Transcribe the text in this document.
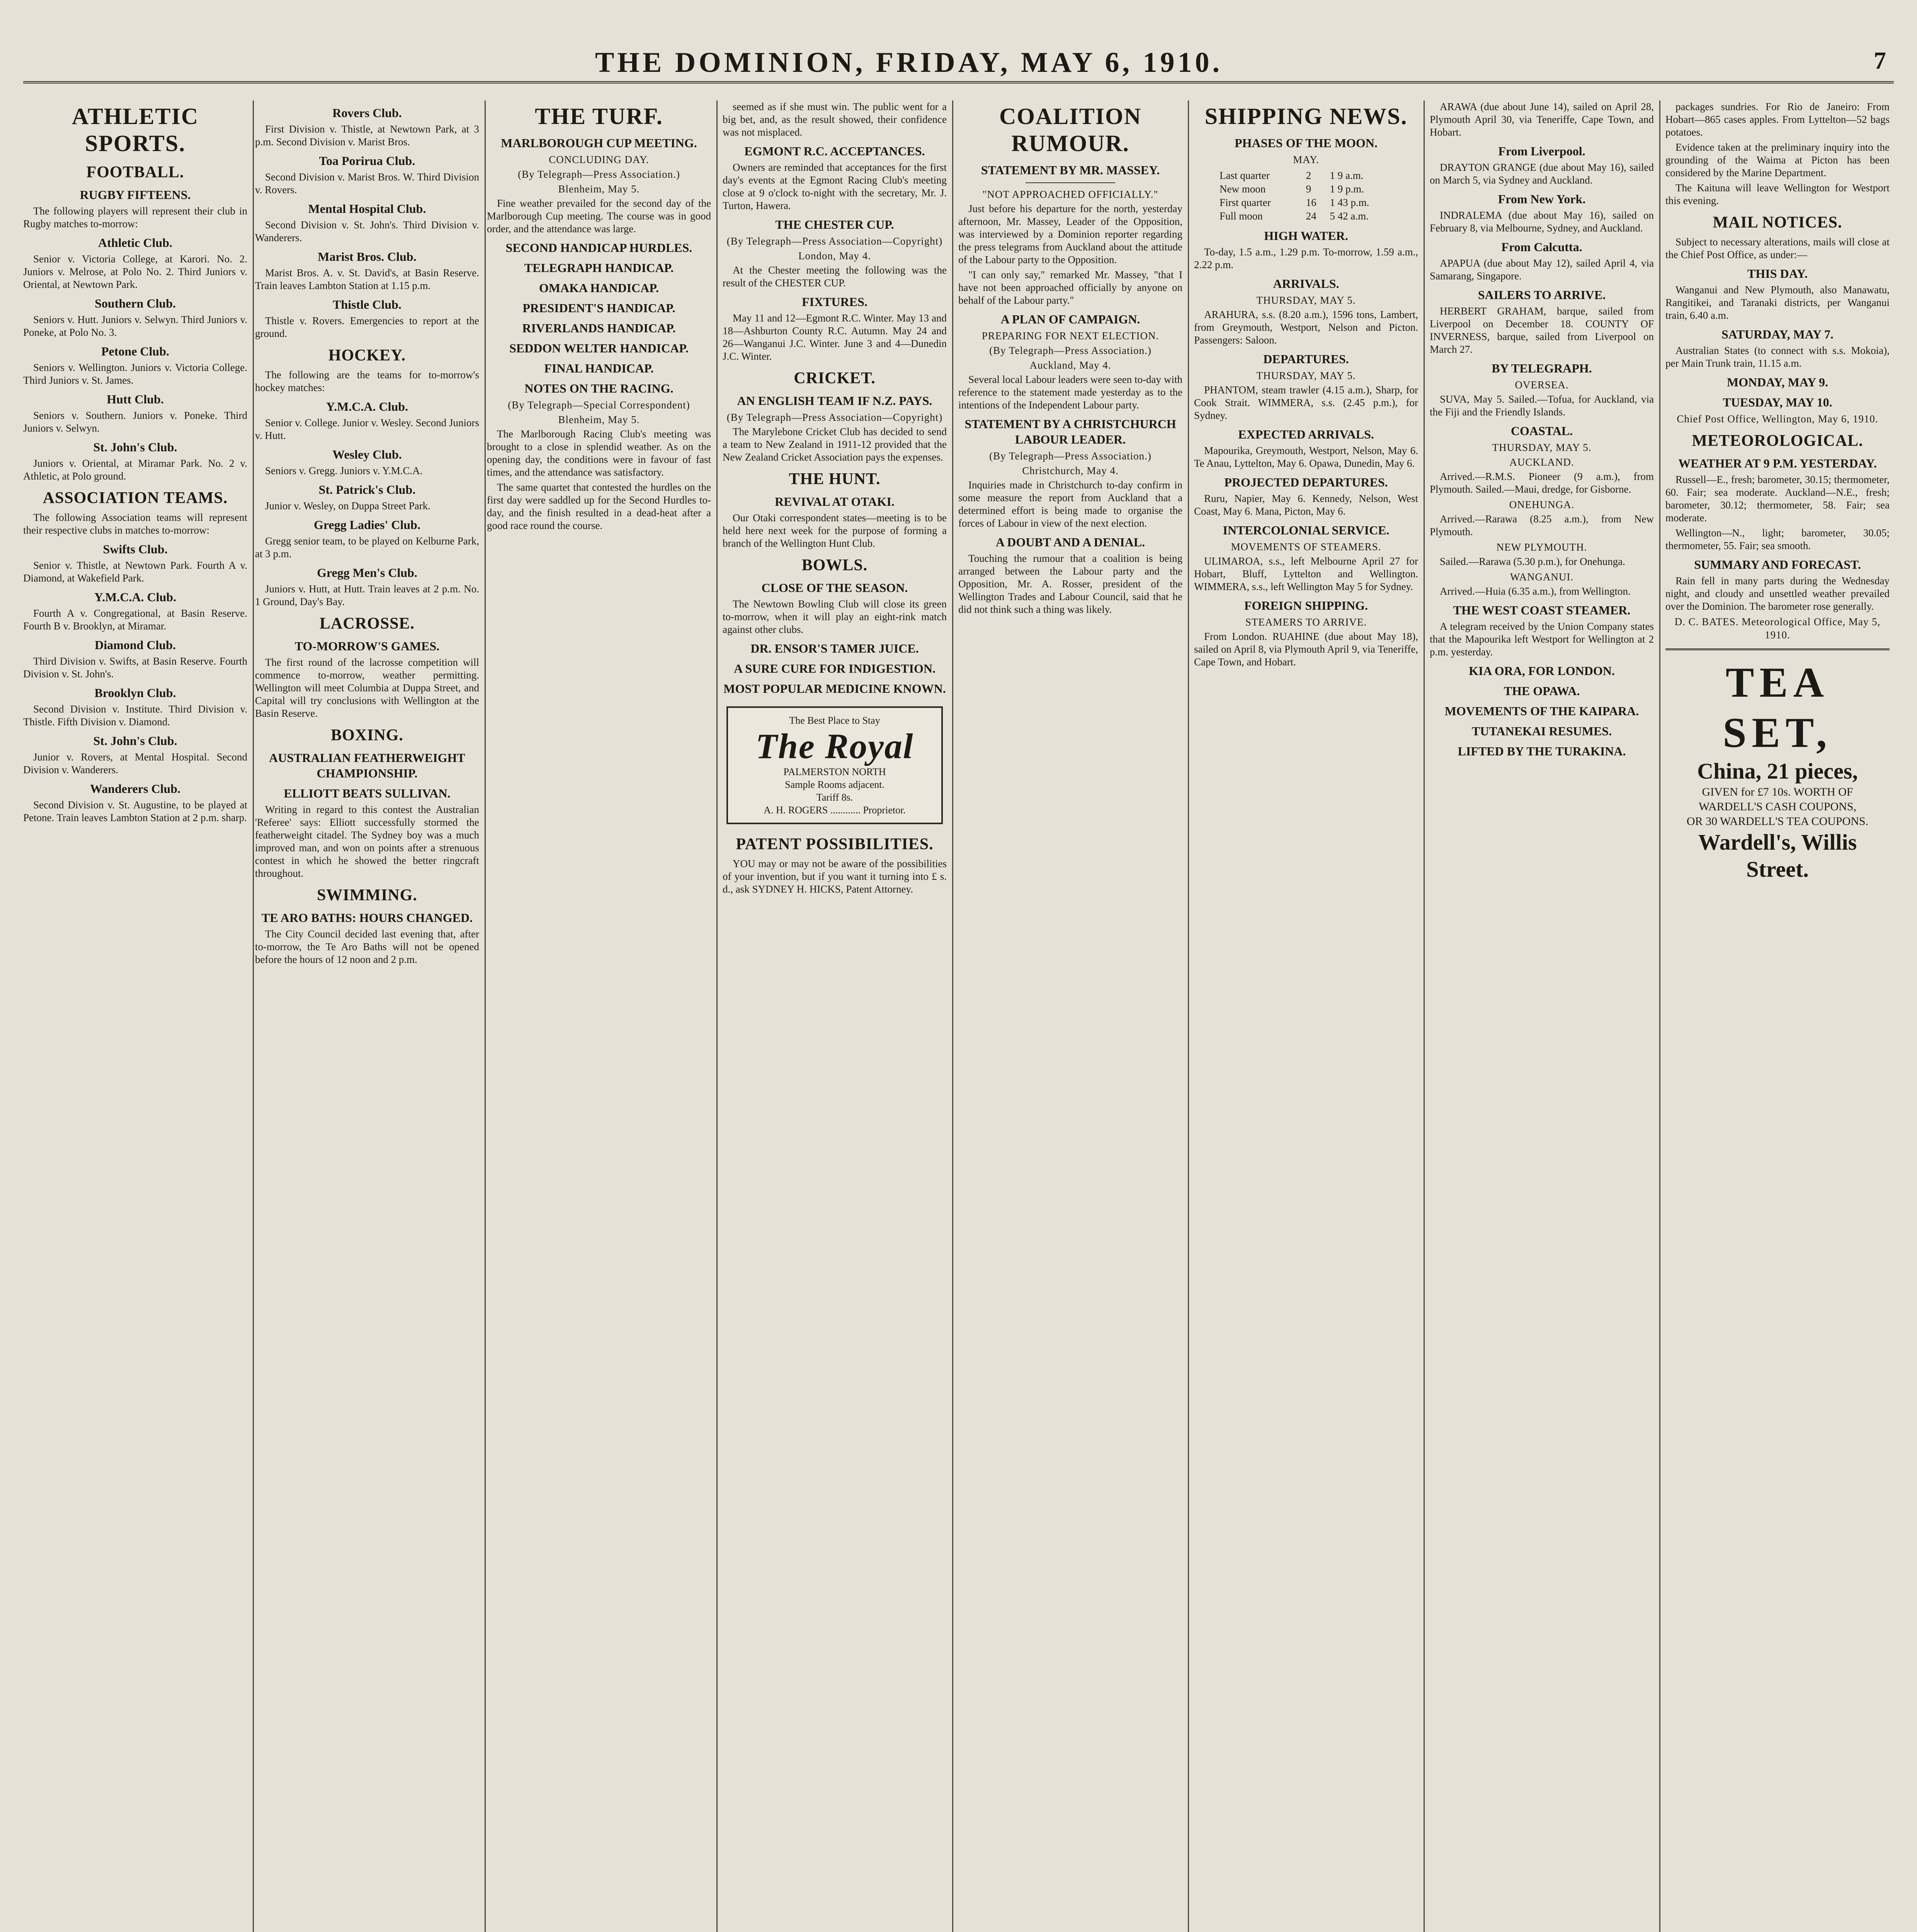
THE DOMINION, FRIDAY, MAY 6, 1910.	7
ATHLETIC SPORTS.
FOOTBALL.
RUGBY FIFTEENS.

The following players will represent their club in Rugby matches to-morrow:

Athletic Club.

Senior v. Victoria College, at Karori. No. 2. Juniors v. Melrose, at Polo No. 2. Third Juniors v. Oriental, at Newtown Park.

Southern Club.

Seniors v. Hutt. Juniors v. Selwyn. Third Juniors v. Poneke, at Polo No. 3.

Petone Club.

Seniors v. Wellington. Juniors v. Victoria College. Third Juniors v. St. James.

Hutt Club.

Seniors v. Southern. Juniors v. Poneke. Third Juniors v. Selwyn.

St. John's Club.

Juniors v. Oriental, at Miramar Park. No. 2 v. Athletic, at Polo ground.

ASSOCIATION TEAMS.

The following Association teams will represent their respective clubs in matches to-morrow:

Swifts Club.

Senior v. Thistle, at Newtown Park. Fourth A v. Diamond, at Wakefield Park.

Y.M.C.A. Club.

Fourth A v. Congregational, at Basin Reserve. Fourth B v. Brooklyn, at Miramar.

Diamond Club.

Third Division v. Swifts, at Basin Reserve. Fourth Division v. St. John's.

Brooklyn Club.

Second Division v. Institute. Third Division v. Thistle. Fifth Division v. Diamond.

St. John's Club.

Junior v. Rovers, at Mental Hospital. Second Division v. Wanderers.

Wanderers Club.

Second Division v. St. Augustine, to be played at Petone. Train leaves Lambton Station at 2 p.m. sharp.

Rovers Club.

First Division v. Thistle, at Newtown Park, at 3 p.m. Second Division v. Marist Bros.

Toa Porirua Club.

Second Division v. Marist Bros. W. Third Division v. Rovers.

Mental Hospital Club.

Second Division v. St. John's. Third Division v. Wanderers.

Marist Bros. Club.

Marist Bros. A. v. St. David's, at Basin Reserve. Train leaves Lambton Station at 1.15 p.m.

Thistle Club.

Thistle v. Rovers. Emergencies to report at the ground.

HOCKEY.

The following are the teams for to-morrow's hockey matches:

Y.M.C.A. Club.

Senior v. College. Junior v. Wesley. Second Juniors v. Hutt.

Wesley Club.

Seniors v. Gregg. Juniors v. Y.M.C.A.

St. Patrick's Club.

Junior v. Wesley, on Duppa Street Park.

Gregg Ladies' Club.

Gregg senior team, to be played on Kelburne Park, at 3 p.m.

Gregg Men's Club.

Juniors v. Hutt, at Hutt. Train leaves at 2 p.m. No. 1 Ground, Day's Bay.

LACROSSE.
TO-MORROW'S GAMES.

The first round of the lacrosse competition will commence to-morrow, weather permitting. Wellington will meet Columbia at Duppa Street, and Capital will try conclusions with Wellington at the Basin Reserve.

BOXING.
AUSTRALIAN FEATHERWEIGHT CHAMPIONSHIP.
ELLIOTT BEATS SULLIVAN.

Writing in regard to this contest the Australian 'Referee' says: Elliott successfully stormed the featherweight citadel. The Sydney boy was a much improved man, and won on points after a strenuous contest in which he showed the better ringcraft throughout.

SWIMMING.
TE ARO BATHS: HOURS CHANGED.

The City Council decided last evening that, after to-morrow, the Te Aro Baths will not be opened before the hours of 12 noon and 2 p.m.

THE TURF.
MARLBOROUGH CUP MEETING.
CONCLUDING DAY.
(By Telegraph—Press Association.)
Blenheim, May 5.

Fine weather prevailed for the second day of the Marlborough Cup meeting. The course was in good order, and the attendance was large.

SECOND HANDICAP HURDLES.
TELEGRAPH HANDICAP.
OMAKA HANDICAP.
PRESIDENT'S HANDICAP.
RIVERLANDS HANDICAP.
SEDDON WELTER HANDICAP.
FINAL HANDICAP.
NOTES ON THE RACING.
(By Telegraph—Special Correspondent)
Blenheim, May 5.

The Marlborough Racing Club's meeting was brought to a close in splendid weather. As on the opening day, the conditions were in favour of fast times, and the attendance was satisfactory.

The same quartet that contested the hurdles on the first day were saddled up for the Second Hurdles to-day, and the finish resulted in a dead-heat after a good race round the course.

seemed as if she must win. The public went for a big bet, and, as the result showed, their confidence was not misplaced.

EGMONT R.C. ACCEPTANCES.

Owners are reminded that acceptances for the first day's events at the Egmont Racing Club's meeting close at 9 o'clock to-night with the secretary, Mr. J. Turton, Hawera.

THE CHESTER CUP.
(By Telegraph—Press Association—Copyright)
London, May 4.

At the Chester meeting the following was the result of the CHESTER CUP.

FIXTURES.

May 11 and 12—Egmont R.C. Winter. May 13 and 18—Ashburton County R.C. Autumn. May 24 and 26—Wanganui J.C. Winter. June 3 and 4—Dunedin J.C. Winter.

CRICKET.
AN ENGLISH TEAM IF N.Z. PAYS.
(By Telegraph—Press Association—Copyright)

The Marylebone Cricket Club has decided to send a team to New Zealand in 1911-12 provided that the New Zealand Cricket Association pays the expenses.

THE HUNT.
REVIVAL AT OTAKI.

Our Otaki correspondent states—meeting is to be held here next week for the purpose of forming a branch of the Wellington Hunt Club.

BOWLS.
CLOSE OF THE SEASON.

The Newtown Bowling Club will close its green to-morrow, when it will play an eight-rink match against other clubs.

DR. ENSOR'S TAMER JUICE.
A SURE CURE FOR INDIGESTION.
MOST POPULAR MEDICINE KNOWN.
The Best Place to Stay
The Royal
PALMERSTON NORTH
Sample Rooms adjacent.
Tariff 8s.
A. H. ROGERS ............ Proprietor.
PATENT POSSIBILITIES.

YOU may or may not be aware of the possibilities of your invention, but if you want it turning into £ s. d., ask SYDNEY H. HICKS, Patent Attorney.

COALITION RUMOUR.
STATEMENT BY MR. MASSEY.
"NOT APPROACHED OFFICIALLY."

Just before his departure for the north, yesterday afternoon, Mr. Massey, Leader of the Opposition, was interviewed by a Dominion reporter regarding the press telegrams from Auckland about the attitude of the Labour party to the Opposition.

"I can only say," remarked Mr. Massey, "that I have not been approached officially by anyone on behalf of the Labour party."

A PLAN OF CAMPAIGN.
PREPARING FOR NEXT ELECTION.
(By Telegraph—Press Association.)
Auckland, May 4.

Several local Labour leaders were seen to-day with reference to the statement made yesterday as to the intentions of the Independent Labour party.

STATEMENT BY A CHRISTCHURCH LABOUR LEADER.
(By Telegraph—Press Association.)
Christchurch, May 4.

Inquiries made in Christchurch to-day confirm in some measure the report from Auckland that a determined effort is being made to organise the forces of Labour in view of the next election.

A DOUBT AND A DENIAL.

Touching the rumour that a coalition is being arranged between the Labour party and the Opposition, Mr. A. Rosser, president of the Wellington Trades and Labour Council, said that he did not think such a thing was likely.

SHIPPING NEWS.
PHASES OF THE MOON.
MAY.
Last quarter	2	1 9 a.m.
New moon	9	1 9 p.m.
First quarter	16	1 43 p.m.
Full moon	24	5 42 a.m.
HIGH WATER.

To-day, 1.5 a.m., 1.29 p.m. To-morrow, 1.59 a.m., 2.22 p.m.

ARRIVALS.
THURSDAY, MAY 5.

ARAHURA, s.s. (8.20 a.m.), 1596 tons, Lambert, from Greymouth, Westport, Nelson and Picton. Passengers: Saloon.

DEPARTURES.
THURSDAY, MAY 5.

PHANTOM, steam trawler (4.15 a.m.), Sharp, for Cook Strait. WIMMERA, s.s. (2.45 p.m.), for Sydney.

EXPECTED ARRIVALS.

Mapourika, Greymouth, Westport, Nelson, May 6. Te Anau, Lyttelton, May 6. Opawa, Dunedin, May 6.

PROJECTED DEPARTURES.

Ruru, Napier, May 6. Kennedy, Nelson, West Coast, May 6. Mana, Picton, May 6.

INTERCOLONIAL SERVICE.
MOVEMENTS OF STEAMERS.

ULIMAROA, s.s., left Melbourne April 27 for Hobart, Bluff, Lyttelton and Wellington. WIMMERA, s.s., left Wellington May 5 for Sydney.

FOREIGN SHIPPING.
STEAMERS TO ARRIVE.

From London. RUAHINE (due about May 18), sailed on April 8, via Plymouth April 9, via Teneriffe, Cape Town, and Hobart.

ARAWA (due about June 14), sailed on April 28, Plymouth April 30, via Teneriffe, Cape Town, and Hobart.

From Liverpool.

DRAYTON GRANGE (due about May 16), sailed on March 5, via Sydney and Auckland.

From New York.

INDRALEMA (due about May 16), sailed on February 8, via Melbourne, Sydney, and Auckland.

From Calcutta.

APAPUA (due about May 12), sailed April 4, via Samarang, Singapore.

SAILERS TO ARRIVE.

HERBERT GRAHAM, barque, sailed from Liverpool on December 18. COUNTY OF INVERNESS, barque, sailed from Liverpool on March 27.

BY TELEGRAPH.
OVERSEA.

SUVA, May 5. Sailed.—Tofua, for Auckland, via the Fiji and the Friendly Islands.

COASTAL.
THURSDAY, MAY 5.
AUCKLAND.

Arrived.—R.M.S. Pioneer (9 a.m.), from Plymouth. Sailed.—Maui, dredge, for Gisborne.

ONEHUNGA.

Arrived.—Rarawa (8.25 a.m.), from New Plymouth.

NEW PLYMOUTH.

Sailed.—Rarawa (5.30 p.m.), for Onehunga.

WANGANUI.

Arrived.—Huia (6.35 a.m.), from Wellington.

THE WEST COAST STEAMER.

A telegram received by the Union Company states that the Mapourika left Westport for Wellington at 2 p.m. yesterday.

KIA ORA, FOR LONDON.
THE OPAWA.
MOVEMENTS OF THE KAIPARA.
TUTANEKAI RESUMES.
LIFTED BY THE TURAKINA.

packages sundries. For Rio de Janeiro: From Hobart—865 cases apples. From Lyttelton—52 bags potatoes.

Evidence taken at the preliminary inquiry into the grounding of the Waima at Picton has been considered by the Marine Department.

The Kaituna will leave Wellington for Westport this evening.

MAIL NOTICES.

Subject to necessary alterations, mails will close at the Chief Post Office, as under:—

THIS DAY.

Wanganui and New Plymouth, also Manawatu, Rangitikei, and Taranaki districts, per Wanganui train, 6.40 a.m.

SATURDAY, MAY 7.

Australian States (to connect with s.s. Mokoia), per Main Trunk train, 11.15 a.m.

MONDAY, MAY 9.
TUESDAY, MAY 10.
Chief Post Office, Wellington, May 6, 1910.
METEOROLOGICAL.
WEATHER AT 9 P.M. YESTERDAY.

Russell—E., fresh; barometer, 30.15; thermometer, 60. Fair; sea moderate. Auckland—N.E., fresh; barometer, 30.12; thermometer, 58. Fair; sea moderate.

Wellington—N., light; barometer, 30.05; thermometer, 55. Fair; sea smooth.

SUMMARY AND FORECAST.

Rain fell in many parts during the Wednesday night, and cloudy and unsettled weather prevailed over the Dominion. The barometer rose generally.

D. C. BATES. Meteorological Office, May 5, 1910.
TEA SET,
China, 21 pieces,
GIVEN for £7 10s. WORTH OF
WARDELL'S CASH COUPONS,
OR 30 WARDELL'S TEA COUPONS.
Wardell's, Willis Street.
